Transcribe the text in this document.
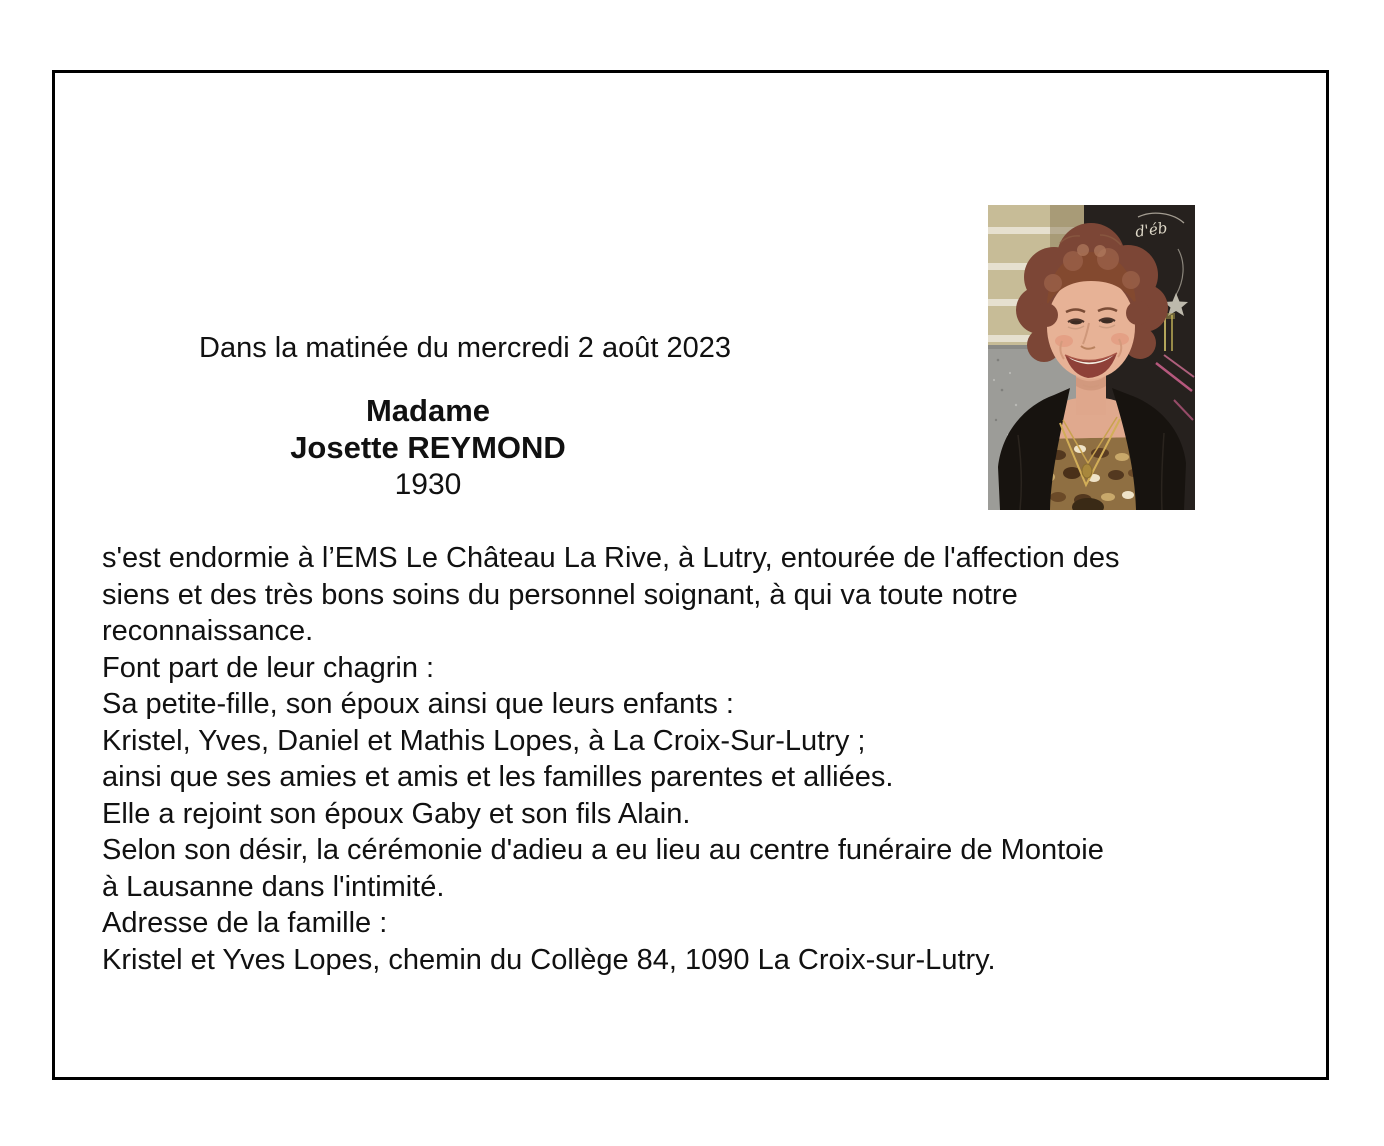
Dans la matinée du mercredi 2 août 2023
Madame
Josette REYMOND
1930
s'est endormie à l’EMS Le Château La Rive, à Lutry, entourée de l'affection des
siens et des très bons soins du personnel soignant, à qui va toute notre
reconnaissance.
Font part de leur chagrin :
Sa petite-fille, son époux ainsi que leurs enfants :
Kristel, Yves, Daniel et Mathis Lopes, à La Croix-Sur-Lutry ;
ainsi que ses amies et amis et les familles parentes et alliées.
Elle a rejoint son époux Gaby et son fils Alain.
Selon son désir, la cérémonie d'adieu a eu lieu au centre funéraire de Montoie
à Lausanne dans l'intimité.
Adresse de la famille :
Kristel et Yves Lopes, chemin du Collège 84, 1090 La Croix-sur-Lutry.
d'éb
